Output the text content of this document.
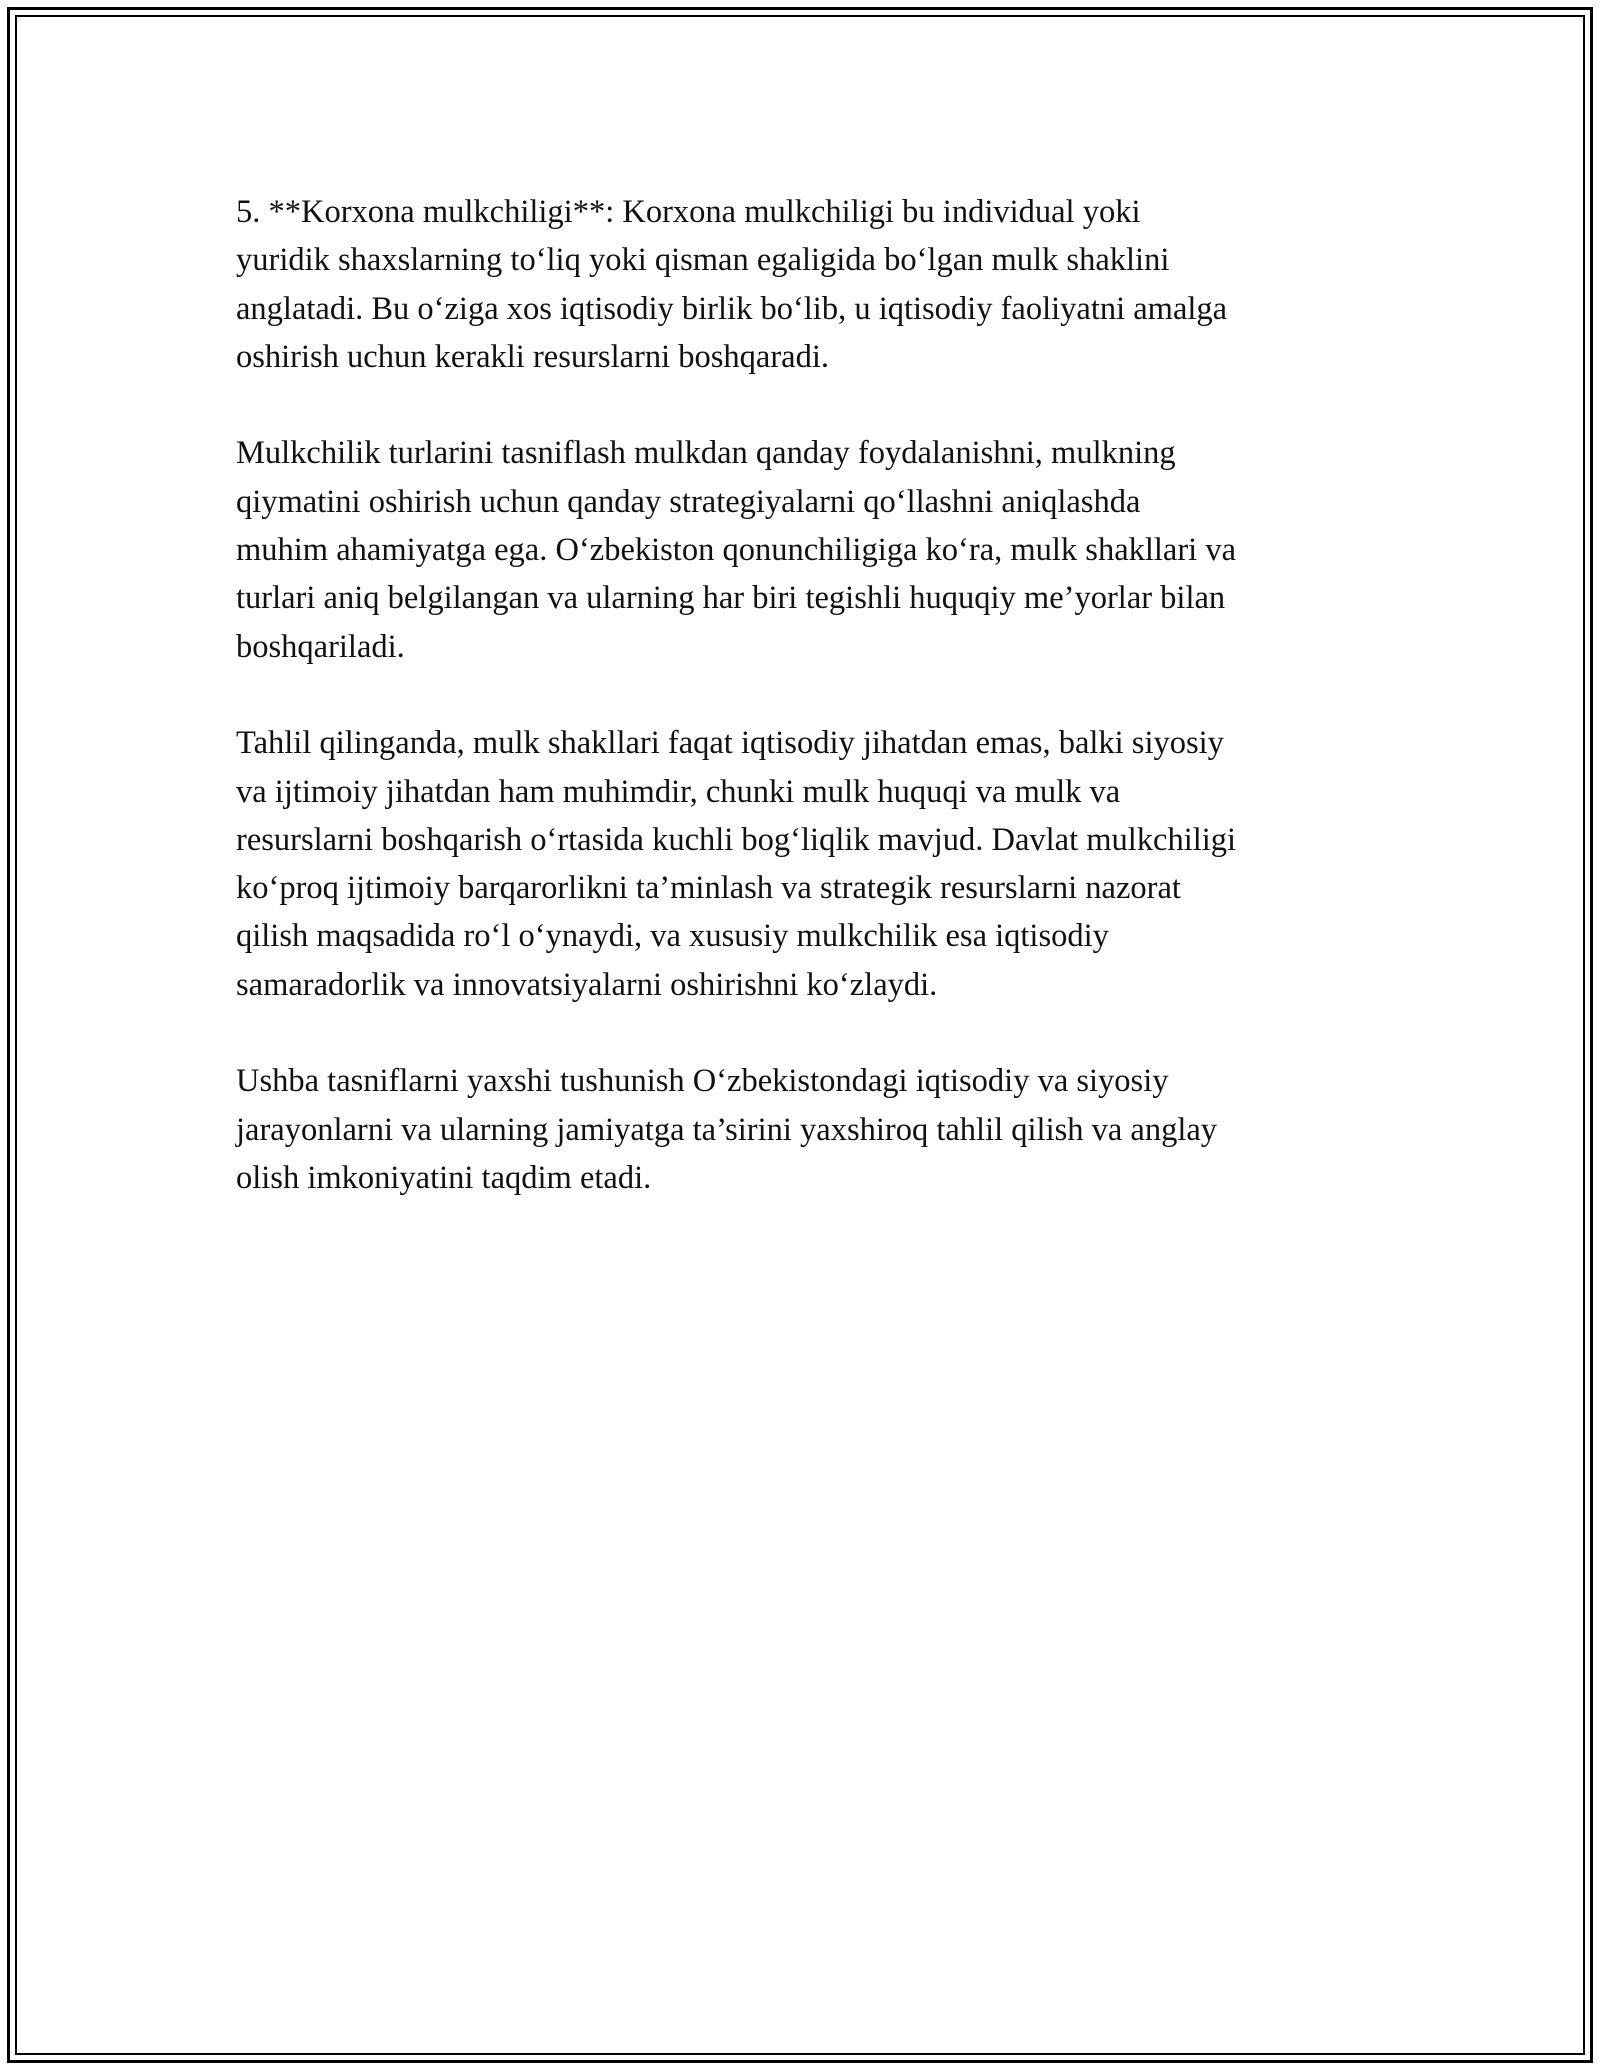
5. **Korxona mulkchiligi**: Korxona mulkchiligi bu individual yoki
yuridik shaxslarning to‘liq yoki qisman egaligida bo‘lgan mulk shaklini
anglatadi. Bu o‘ziga xos iqtisodiy birlik bo‘lib, u iqtisodiy faoliyatni amalga
oshirish uchun kerakli resurslarni boshqaradi.

Mulkchilik turlarini tasniflash mulkdan qanday foydalanishni, mulkning
qiymatini oshirish uchun qanday strategiyalarni qo‘llashni aniqlashda
muhim ahamiyatga ega. O‘zbekiston qonunchiligiga ko‘ra, mulk shakllari va
turlari aniq belgilangan va ularning har biri tegishli huquqiy me’yorlar bilan
boshqariladi.

Tahlil qilinganda, mulk shakllari faqat iqtisodiy jihatdan emas, balki siyosiy
va ijtimoiy jihatdan ham muhimdir, chunki mulk huquqi va mulk va
resurslarni boshqarish o‘rtasida kuchli bog‘liqlik mavjud. Davlat mulkchiligi
ko‘proq ijtimoiy barqarorlikni ta’minlash va strategik resurslarni nazorat
qilish maqsadida ro‘l o‘ynaydi, va xususiy mulkchilik esa iqtisodiy
samaradorlik va innovatsiyalarni oshirishni ko‘zlaydi.

Ushba tasniflarni yaxshi tushunish O‘zbekistondagi iqtisodiy va siyosiy
jarayonlarni va ularning jamiyatga ta’sirini yaxshiroq tahlil qilish va anglay
olish imkoniyatini taqdim etadi.
